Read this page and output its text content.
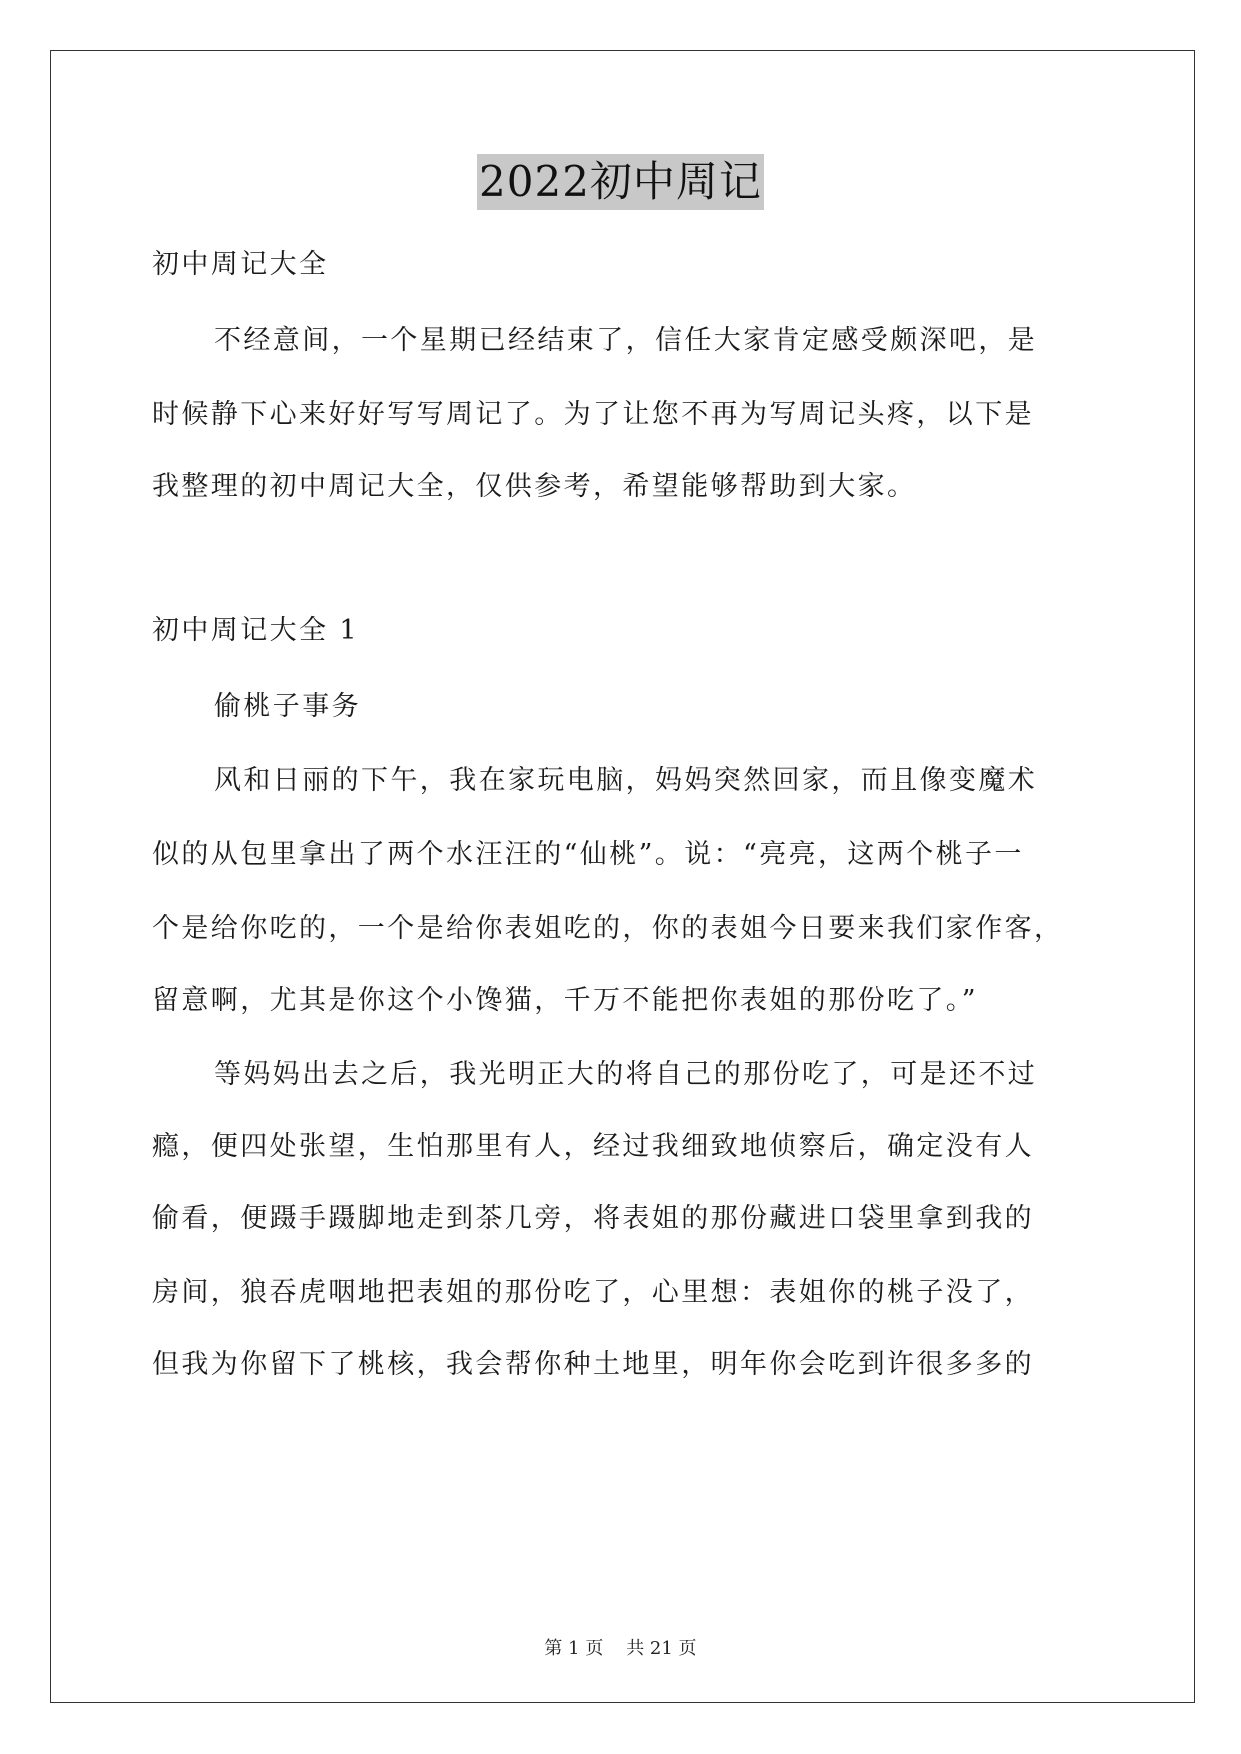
2022初中周记
初中周记大全
不经意间，一个星期已经结束了，信任大家肯定感受颇深吧，是
时候静下心来好好写写周记了。为了让您不再为写周记头疼，以下是
我整理的初中周记大全，仅供参考，希望能够帮助到大家。
初中周记大全 1
偷桃子事务
风和日丽的下午，我在家玩电脑，妈妈突然回家，而且像变魔术
似的从包里拿出了两个水汪汪的“仙桃”。说：“亮亮，这两个桃子一
个是给你吃的，一个是给你表姐吃的，你的表姐今日要来我们家作客，
留意啊，尤其是你这个小馋猫，千万不能把你表姐的那份吃了。”
等妈妈出去之后，我光明正大的将自己的那份吃了，可是还不过
瘾，便四处张望，生怕那里有人，经过我细致地侦察后，确定没有人
偷看，便蹑手蹑脚地走到茶几旁，将表姐的那份藏进口袋里拿到我的
房间，狼吞虎咽地把表姐的那份吃了，心里想：表姐你的桃子没了，
但我为你留下了桃核，我会帮你种土地里，明年你会吃到许很多多的
第 1 页    共 21 页
